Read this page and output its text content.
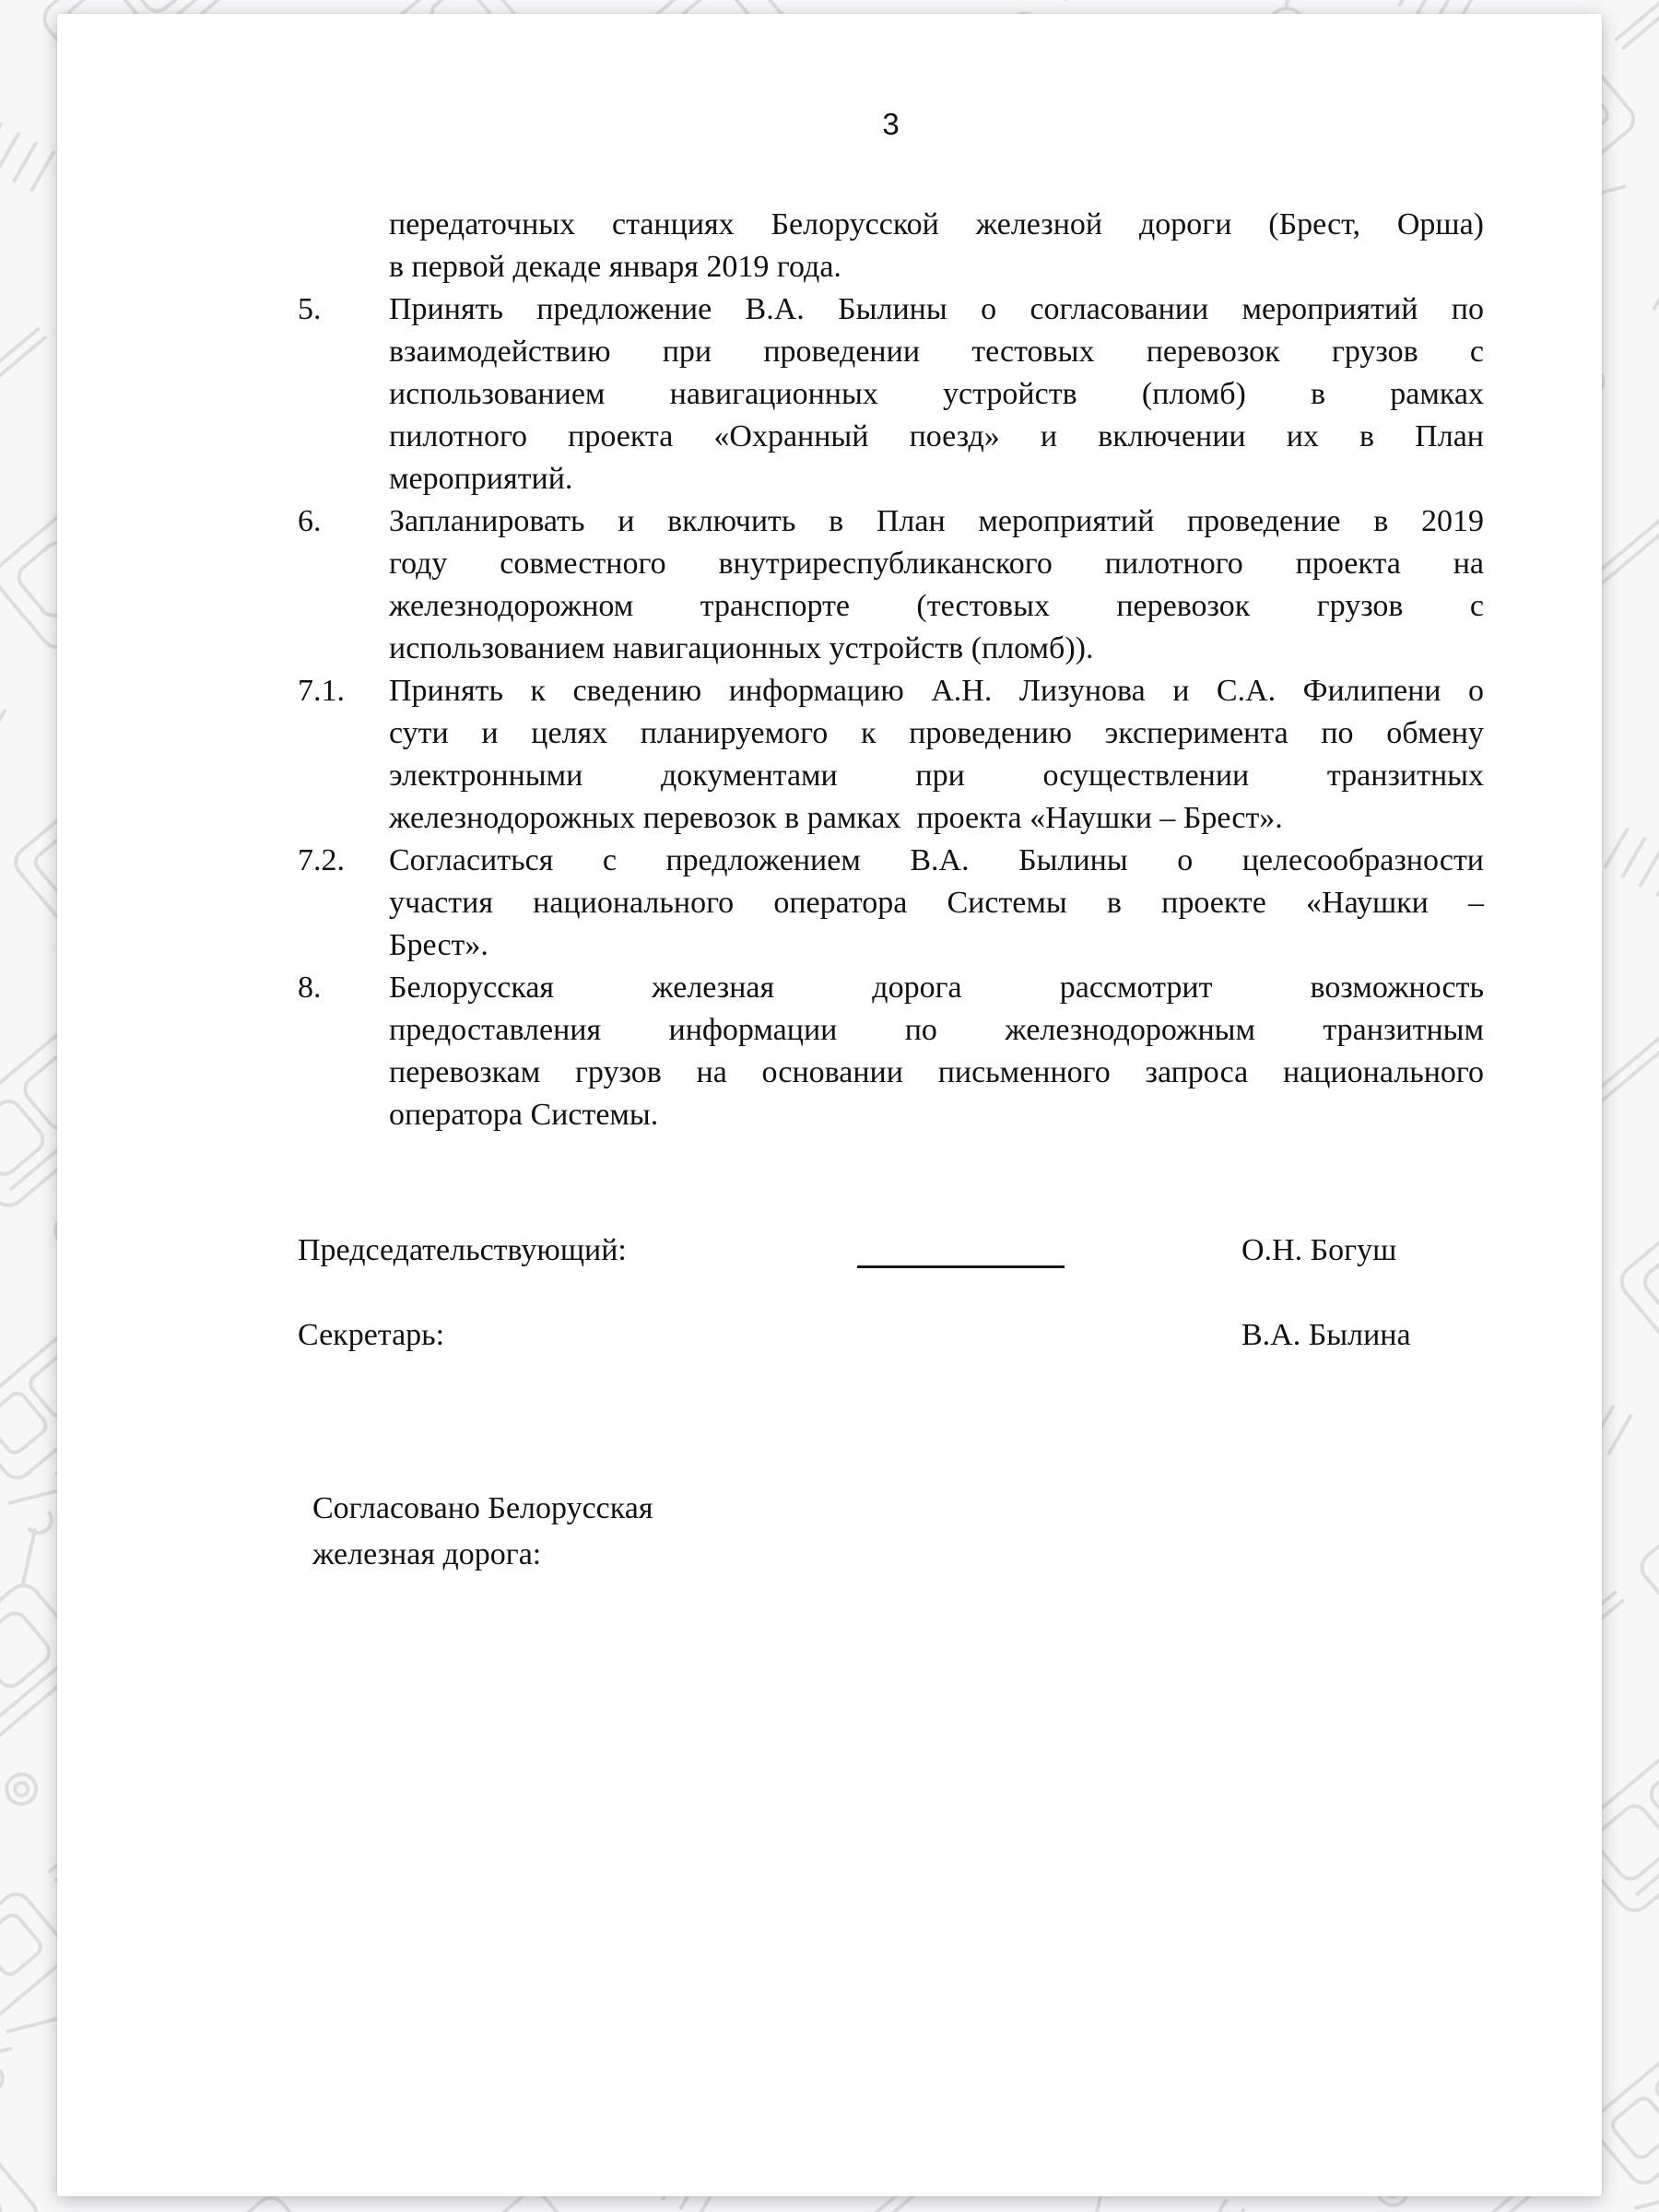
3
передаточных станциях Белорусской железной дороги (Брест, Орша)
в первой декаде января 2019 года.
5.	Принять предложение В.А. Былины о согласовании мероприятий по
взаимодействию при проведении тестовых перевозок грузов с
использованием навигационных устройств (пломб) в рамках
пилотного проекта «Охранный поезд» и включении их в План
мероприятий.
6.	Запланировать и включить в План мероприятий проведение в 2019
году совместного внутриреспубликанского пилотного проекта на
железнодорожном транспорте (тестовых перевозок грузов с
использованием навигационных устройств (пломб)).
7.1.	Принять к сведению информацию А.Н. Лизунова и С.А. Филипени о
сути и целях планируемого к проведению эксперимента по обмену
электронными документами при осуществлении транзитных
железнодорожных перевозок в рамках  проекта «Наушки – Брест».
7.2.	Согласиться с предложением В.А. Былины о целесообразности
участия национального оператора Системы в проекте «Наушки –
Брест».
8.	Белорусская железная дорога рассмотрит возможность
предоставления информации по железнодорожным транзитным
перевозкам грузов на основании письменного запроса национального
оператора Системы.
Председательствующий:	О.Н. Богуш
Секретарь:	В.А. Былина
Согласовано Белорусская
железная дорога:
